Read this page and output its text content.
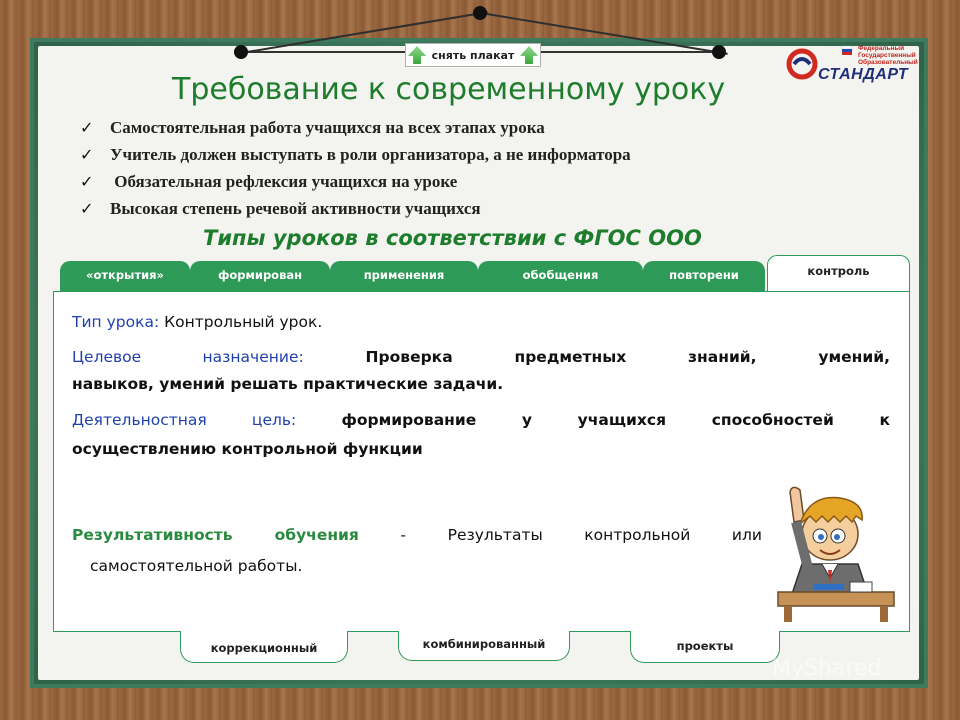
снять плакат	Федеральный
Государственный
Образовательный
СТАНДАРТ
Требование к современному уроку
✓ Самостоятельная работа учащихся на всех этапах урока
✓ Учитель должен выступать в роли организатора, а не информатора
✓ Обязательная рефлексия учащихся на уроке
✓ Высокая степень речевой активности учащихся
Типы уроков в соответствии с ФГОС ООО
«открытия»	формирован	применения	обобщения	повторени	контроль
Тип урока: Контрольный урок.
Целевое назначение: Проверка предметных знаний, умений,
навыков, умений решать практические задачи.
Деятельностная цель: формирование у учащихся способностей к
осуществлению контрольной функции
Результативность обучения - Результаты контрольной или
самостоятельной работы.
коррекционный	комбинированный	проекты
MyShared
